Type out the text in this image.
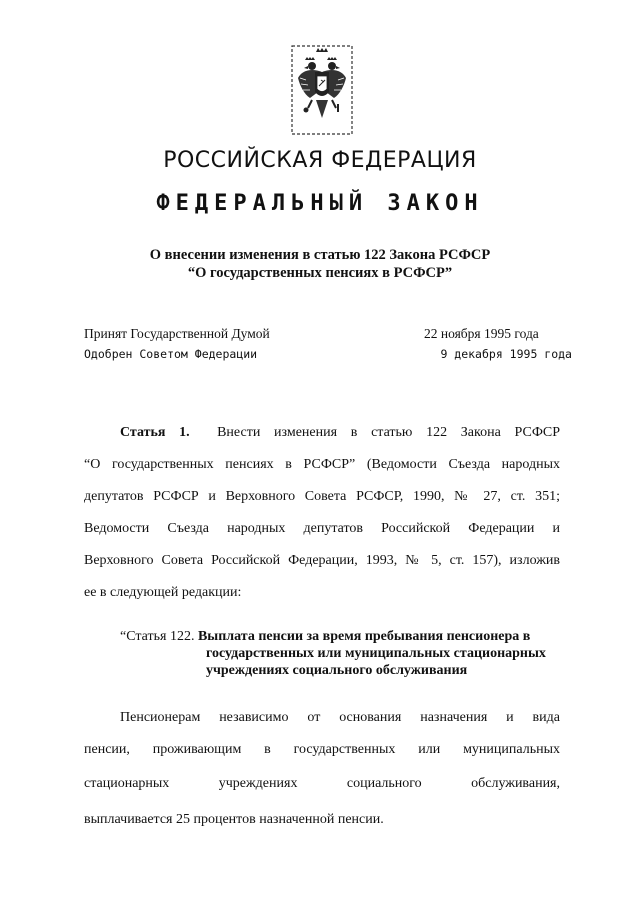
РОССИЙСКАЯ ФЕДЕРАЦИЯ
ФЕДЕРАЛЬНЫЙ ЗАКОН
О внесении изменения в статью 122 Закона РСФСР
“О государственных пенсиях в РСФСР”
Принят Государственной Думой
Одобрен Советом Федерации
22 ноября 1995 года
9 декабря 1995 года
Статья 1. Внести изменения в статью 122 Закона РСФСР
“О государственных пенсиях в РСФСР” (Ведомости Съезда народных
депутатов РСФСР и Верховного Совета РСФСР, 1990, № 27, ст. 351;
Ведомости Съезда народных депутатов Российской Федерации и
Верховного Совета Российской Федерации, 1993, № 5, ст. 157), изложив
ее в следующей редакции:
“Статья 122. Выплата пенсии за время пребывания пенсионера в
государственных или муниципальных стационарных
учреждениях социального обслуживания
Пенсионерам независимо от основания назначения и вида
пенсии, проживающим в государственных или муниципальных
стационарных учреждениях социального обслуживания,
выплачивается 25 процентов назначенной пенсии.
